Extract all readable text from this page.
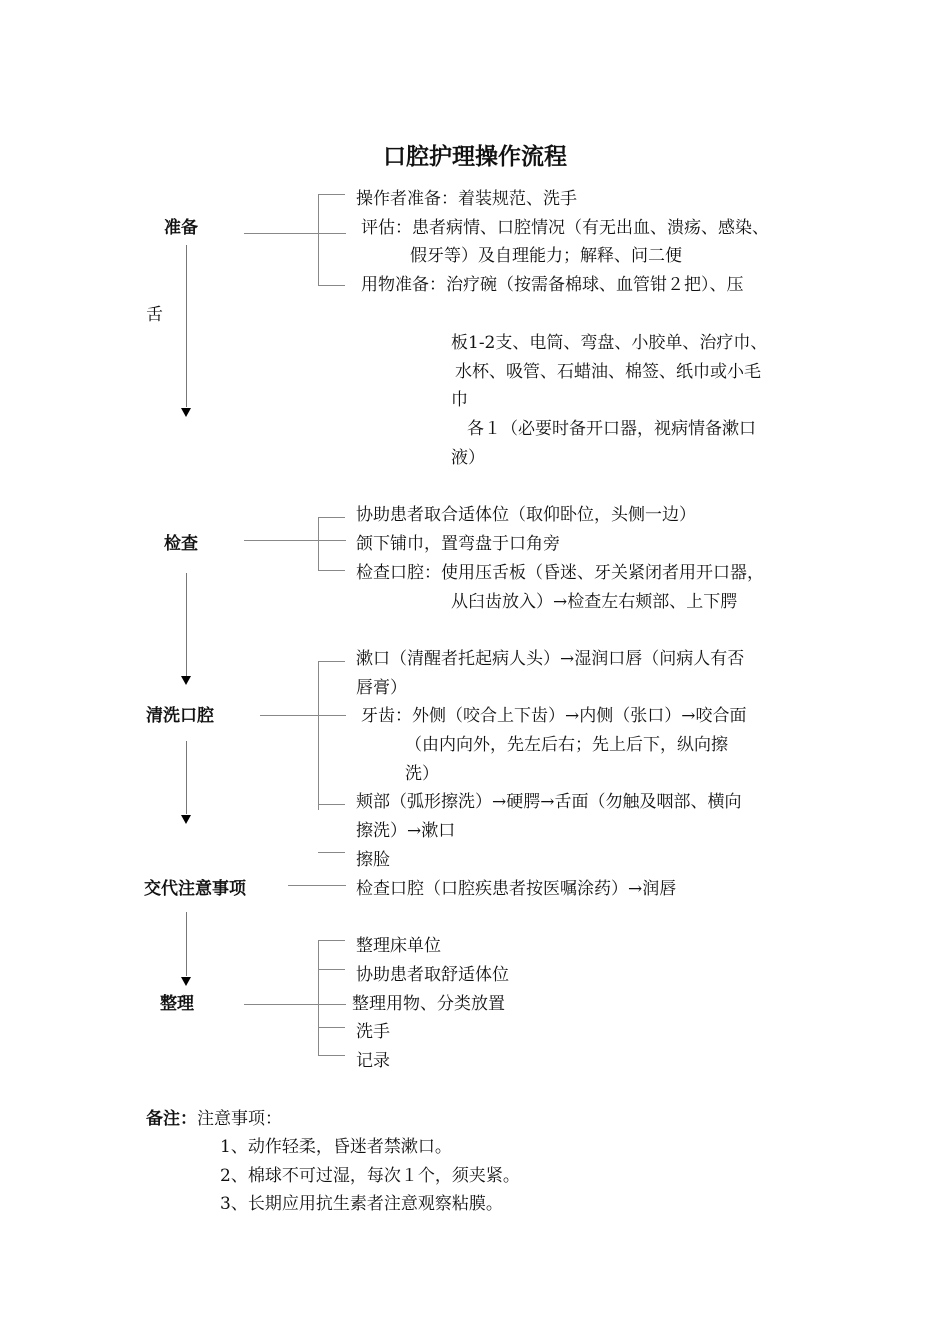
口腔护理操作流程
准备
操作者准备：着装规范、洗手
评估：患者病情、口腔情况（有无出血、溃疡、感染、
假牙等）及自理能力；解释、问二便
用物准备：治疗碗（按需备棉球、血管钳２把）、压
舌
板1-2支、电筒、弯盘、小胶单、治疗巾、
水杯、吸管、石蜡油、棉签、纸巾或小毛
巾
各１（必要时备开口器，视病情备漱口
液）
检查
协助患者取合适体位（取仰卧位，头侧一边）
颌下铺巾，置弯盘于口角旁
检查口腔：使用压舌板（昏迷、牙关紧闭者用开口器，
从臼齿放入）→检查左右颊部、上下腭
清洗口腔
漱口（清醒者托起病人头）→湿润口唇（问病人有否
唇膏）
牙齿：外侧（咬合上下齿）→内侧（张口）→咬合面
（由内向外，先左后右；先上后下，纵向擦
洗）
颊部（弧形擦洗）→硬腭→舌面（勿触及咽部、横向
擦洗）→漱口
擦脸
交代注意事项	检查口腔（口腔疾患者按医嘱涂药）→润唇
整理
整理床单位
协助患者取舒适体位
整理用物、分类放置
洗手
记录
备注：注意事项：
1、动作轻柔，昏迷者禁漱口。
2、棉球不可过湿，每次１个，须夹紧。
3、长期应用抗生素者注意观察粘膜。
